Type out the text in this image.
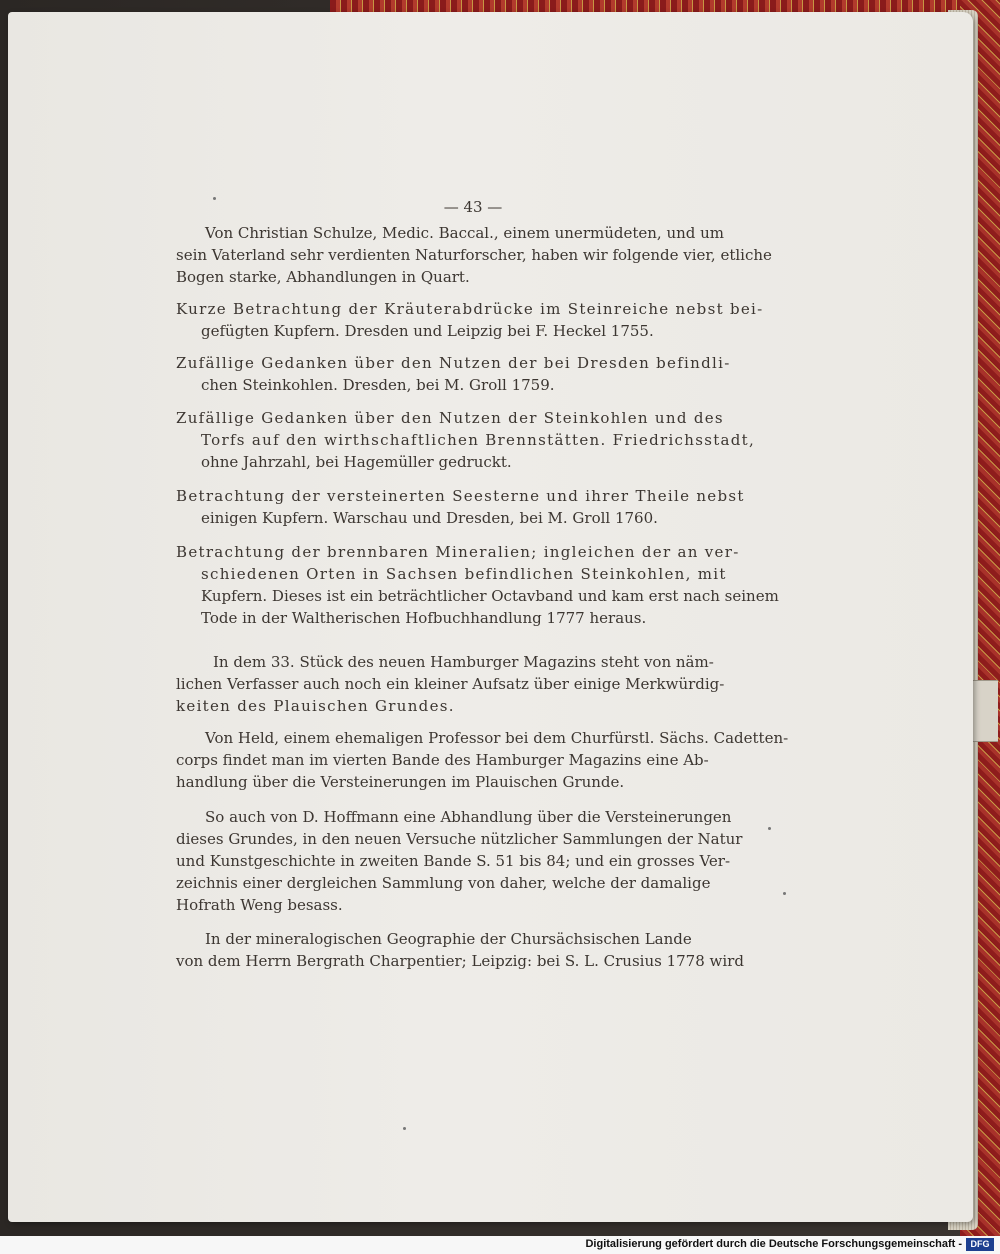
— 43 —
Von Christian Schulze, Medic. Baccal., einem unermüdeten, und um
sein Vaterland sehr verdienten Naturforscher, haben wir folgende vier, etliche
Bogen starke, Abhandlungen in Quart.
Kurze Betrachtung der Kräuterabdrücke im Steinreiche nebst bei-
gefügten Kupfern. Dresden und Leipzig bei F. Heckel 1755.
Zufällige Gedanken über den Nutzen der bei Dresden befindli-
chen Steinkohlen. Dresden, bei M. Groll 1759.
Zufällige Gedanken über den Nutzen der Steinkohlen und des
Torfs auf den wirthschaftlichen Brennstätten. Friedrichsstadt,
ohne Jahrzahl, bei Hagemüller gedruckt.
Betrachtung der versteinerten Seesterne und ihrer Theile nebst
einigen Kupfern. Warschau und Dresden, bei M. Groll 1760.
Betrachtung der brennbaren Mineralien; ingleichen der an ver-
schiedenen Orten in Sachsen befindlichen Steinkohlen, mit
Kupfern. Dieses ist ein beträchtlicher Octavband und kam erst nach seinem
Tode in der Waltherischen Hofbuchhandlung 1777 heraus.
In dem 33. Stück des neuen Hamburger Magazins steht von näm-
lichen Verfasser auch noch ein kleiner Aufsatz über einige Merkwürdig-
keiten des Plauischen Grundes.
Von Held, einem ehemaligen Professor bei dem Churfürstl. Sächs. Cadetten-
corps findet man im vierten Bande des Hamburger Magazins eine Ab-
handlung über die Versteinerungen im Plauischen Grunde.
So auch von D. Hoffmann eine Abhandlung über die Versteinerungen
dieses Grundes, in den neuen Versuche nützlicher Sammlungen der Natur
und Kunstgeschichte in zweiten Bande S. 51 bis 84; und ein grosses Ver-
zeichnis einer dergleichen Sammlung von daher, welche der damalige
Hofrath Weng besass.
In der mineralogischen Geographie der Chursächsischen Lande
von dem Herrn Bergrath Charpentier; Leipzig: bei S. L. Crusius 1778 wird
Digitalisierung gefördert durch die Deutsche Forschungsgemeinschaft - DFG
